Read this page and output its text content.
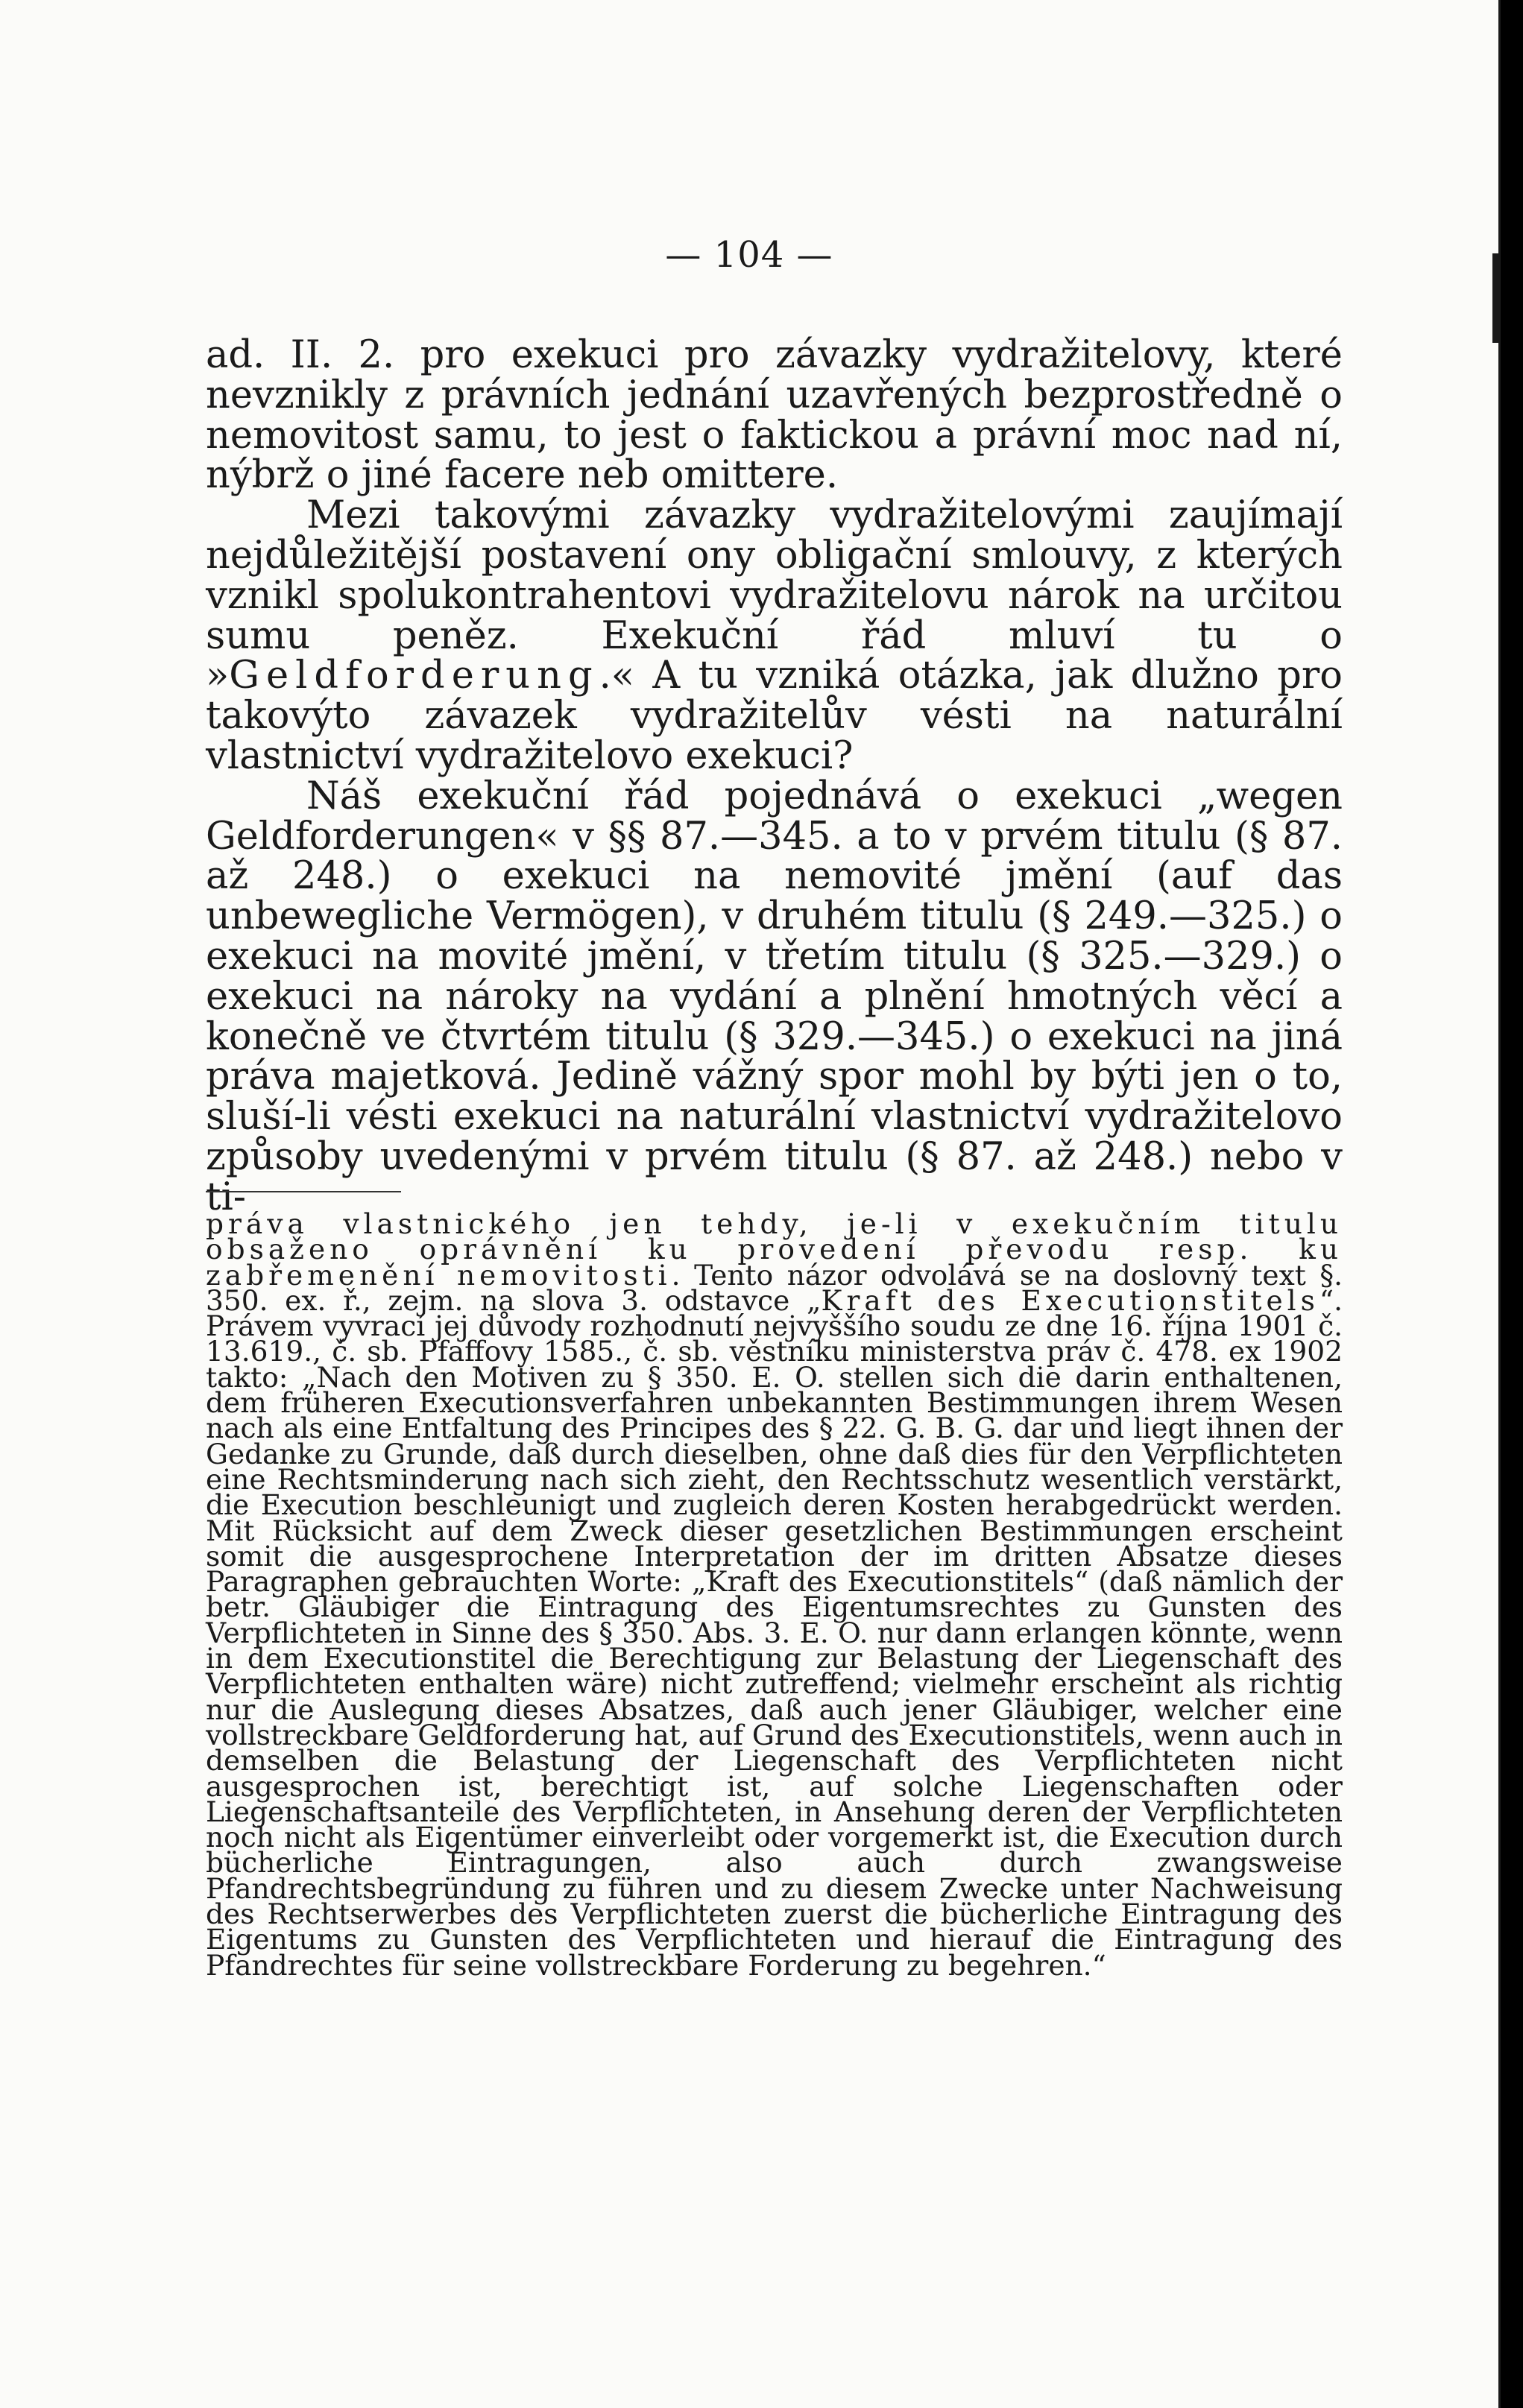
— 104 —

ad. II. 2. pro exekuci pro závazky vydražitelovy, které nevznikly z právních jednání uzavřených bezprostředně o nemovitost samu, to jest o faktickou a právní moc nad ní, nýbrž o jiné facere neb omittere.

Mezi takovými závazky vydražitelovými zaujímají nejdůležitější postavení ony obligační smlouvy, z kterých vznikl spolukontrahentovi vydražitelovu nárok na určitou sumu peněz. Exekuční řád mluví tu o »Geldforderung.« A tu vzniká otázka, jak dlužno pro takovýto závazek vydražitelův vésti na naturální vlastnictví vydražitelovo exekuci?

Náš exekuční řád pojednává o exekuci „wegen Geldforderungen« v §§ 87.—345. a to v prvém titulu (§ 87. až 248.) o exekuci na nemovité jmění (auf das unbewegliche Vermögen), v druhém titulu (§ 249.—325.) o exekuci na movité jmění, v třetím titulu (§ 325.—329.) o exekuci na nároky na vydání a plnění hmotných věcí a konečně ve čtvrtém titulu (§ 329.—345.) o exekuci na jiná práva majetková. Jedině vážný spor mohl by býti jen o to, sluší-li vésti exekuci na naturální vlastnictví vydražitelovo způsoby uvedenými v prvém titulu (§ 87. až 248.) nebo v ti-

práva vlastnického jen tehdy, je-li v exekučním titulu obsaženo oprávnění ku provedení převodu resp. ku zabřemenění nemovitosti. Tento názor odvolává se na doslovný text §. 350. ex. ř., zejm. na slova 3. odstavce „Kraft des Executionstitels“. Právem vyvrací jej důvody rozhodnutí nejvyššího soudu ze dne 16. října 1901 č. 13.619., č. sb. Pfaffovy 1585., č. sb. věstníku ministerstva práv č. 478. ex 1902 takto: „Nach den Motiven zu § 350. E. O. stellen sich die darin enthaltenen, dem früheren Executionsverfahren unbekannten Bestimmungen ihrem Wesen nach als eine Entfaltung des Principes des § 22. G. B. G. dar und liegt ihnen der Gedanke zu Grunde, daß durch dieselben, ohne daß dies für den Verpflichteten eine Rechtsminderung nach sich zieht, den Rechtsschutz wesentlich verstärkt, die Execution beschleunigt und zugleich deren Kosten herabgedrückt werden. Mit Rücksicht auf dem Zweck dieser gesetzlichen Bestimmungen erscheint somit die ausgesprochene Interpretation der im dritten Absatze dieses Paragraphen gebrauchten Worte: „Kraft des Executionstitels“ (daß nämlich der betr. Gläubiger die Eintragung des Eigentumsrechtes zu Gunsten des Verpflichteten in Sinne des § 350. Abs. 3. E. O. nur dann erlangen könnte, wenn in dem Executionstitel die Berechtigung zur Belastung der Liegenschaft des Verpflichteten enthalten wäre) nicht zutreffend; vielmehr erscheint als richtig nur die Auslegung dieses Absatzes, daß auch jener Gläubiger, welcher eine vollstreckbare Geldforderung hat, auf Grund des Executionstitels, wenn auch in demselben die Belastung der Liegenschaft des Verpflichteten nicht ausgesprochen ist, berechtigt ist, auf solche Liegenschaften oder Liegenschaftsanteile des Verpflichteten, in Ansehung deren der Verpflichteten noch nicht als Eigentümer einverleibt oder vorgemerkt ist, die Execution durch bücherliche Eintragungen, also auch durch zwangsweise Pfandrechtsbegründung zu führen und zu diesem Zwecke unter Nachweisung des Rechtserwerbes des Verpflichteten zuerst die bücherliche Eintragung des Eigentums zu Gunsten des Verpflichteten und hierauf die Eintragung des Pfandrechtes für seine vollstreckbare Forderung zu begehren.“
